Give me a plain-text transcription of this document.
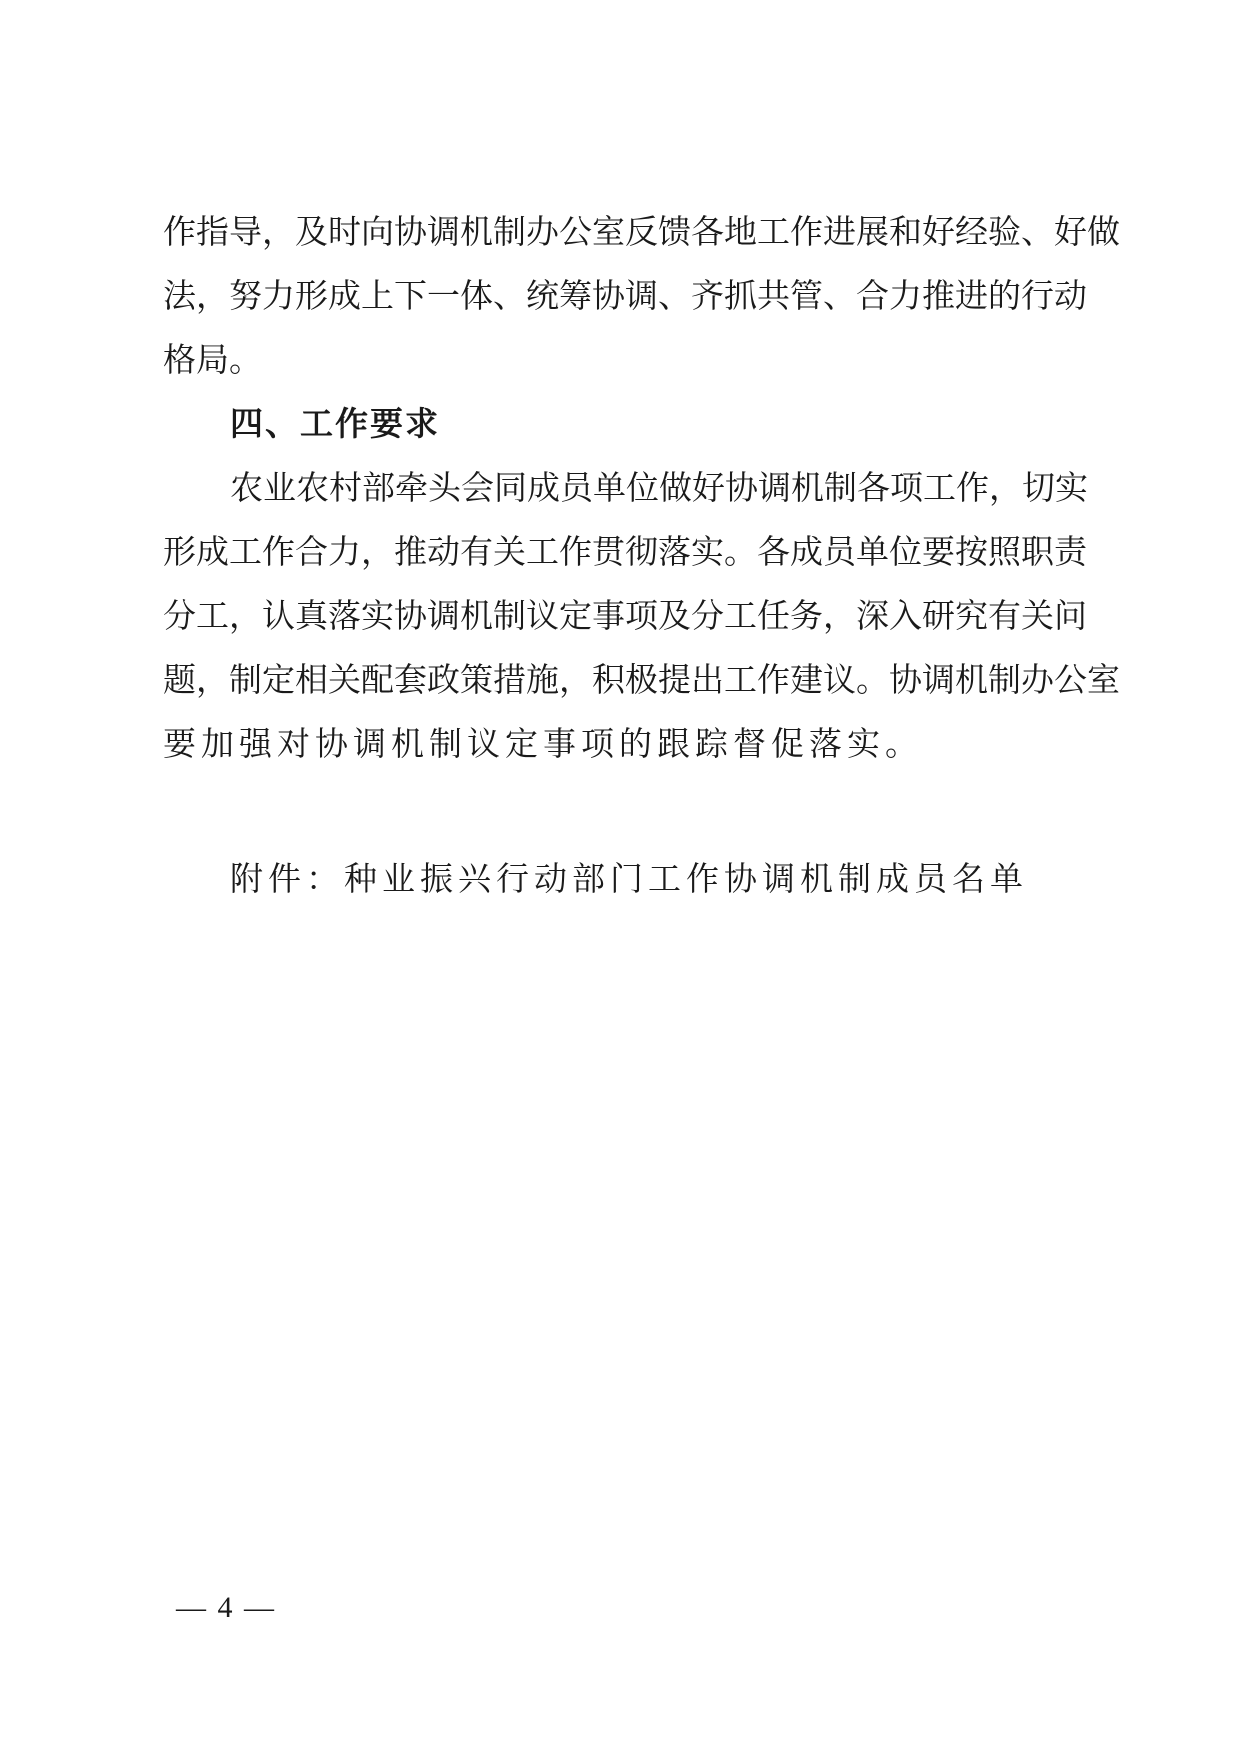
作指导，及时向协调机制办公室反馈各地工作进展和好经验、好做
法，努力形成上下一体、统筹协调、齐抓共管、合力推进的行动
格局。
四、工作要求
农业农村部牵头会同成员单位做好协调机制各项工作，切实
形成工作合力，推动有关工作贯彻落实。各成员单位要按照职责
分工，认真落实协调机制议定事项及分工任务，深入研究有关问
题，制定相关配套政策措施，积极提出工作建议。协调机制办公室
要加强对协调机制议定事项的跟踪督促落实。
附件：种业振兴行动部门工作协调机制成员名单
— 4 —
